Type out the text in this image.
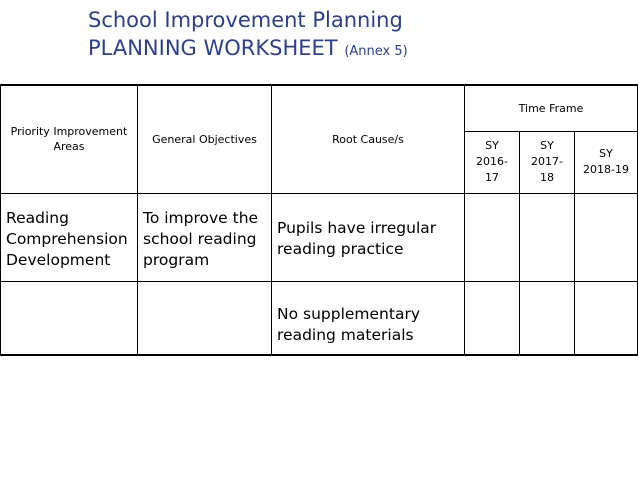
School Improvement Planning
PLANNING WORKSHEET (Annex 5)
Priority Improvement Areas	General Objectives	Root Cause/s	Time Frame		

			SY 2016-17	SY 2017-18	SY 2018-19

Reading Comprehension Development	To improve the school reading program	Pupils have irregular reading practice			

		No supplementary reading materials			
